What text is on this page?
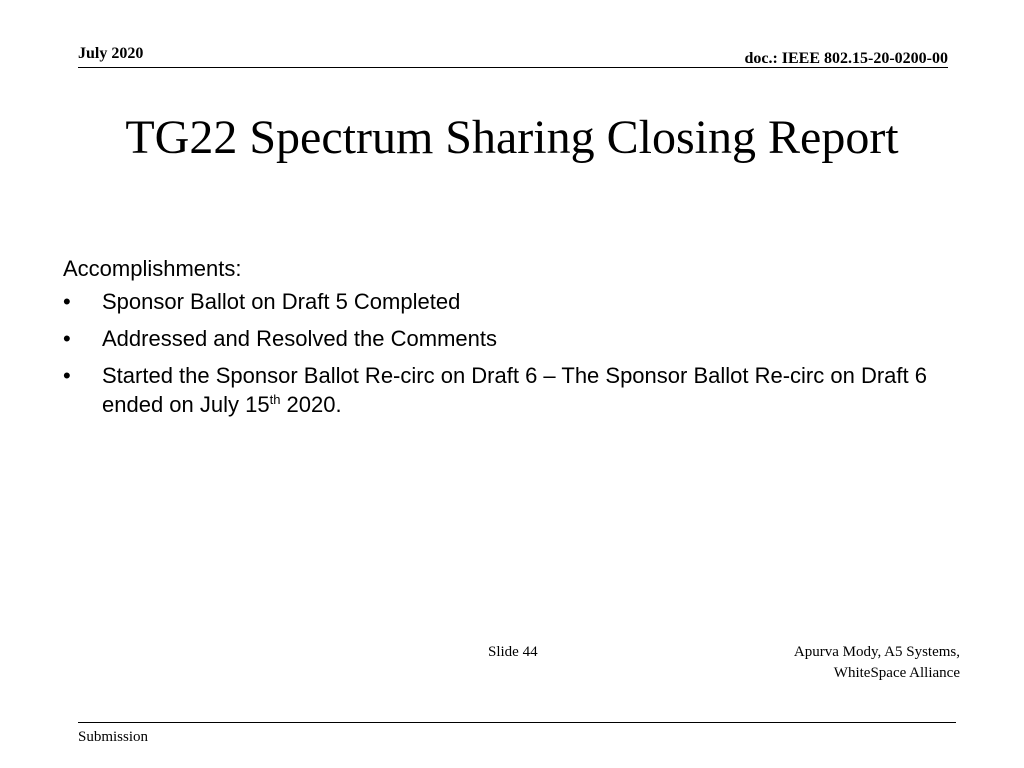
July 2020	doc.: IEEE 802.15-20-0200-00
TG22 Spectrum Sharing Closing Report
Accomplishments:
• Sponsor Ballot on Draft 5 Completed
• Addressed and Resolved the Comments
• Started the Sponsor Ballot Re-circ on Draft 6 – The Sponsor Ballot Re-circ on Draft 6 ended on July 15th 2020.
Slide 44	Apurva Mody, A5 Systems,
WhiteSpace Alliance
Submission
